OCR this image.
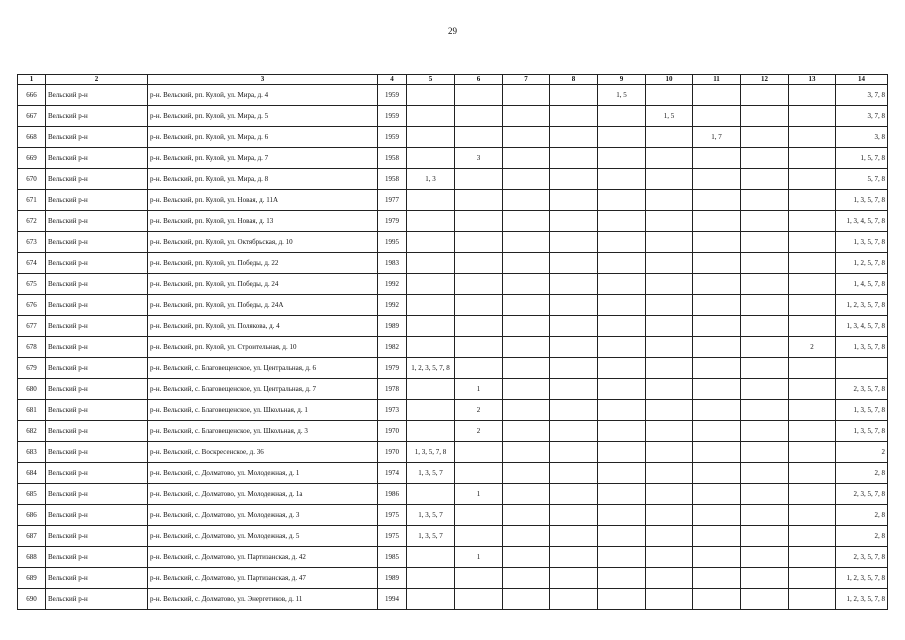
29
1	2	3	4	5	6	7	8	9	10	11	12	13	14
666	Вельский р-н	р-н. Вельский, рп. Кулой, ул. Мира, д. 4	1959					1, 5					3, 7, 8
667	Вельский р-н	р-н. Вельский, рп. Кулой, ул. Мира, д. 5	1959						1, 5				3, 7, 8
668	Вельский р-н	р-н. Вельский, рп. Кулой, ул. Мира, д. 6	1959							1, 7			3, 8
669	Вельский р-н	р-н. Вельский, рп. Кулой, ул. Мира, д. 7	1958		3								1, 5, 7, 8
670	Вельский р-н	р-н. Вельский, рп. Кулой, ул. Мира, д. 8	1958	1, 3									5, 7, 8
671	Вельский р-н	р-н. Вельский, рп. Кулой, ул. Новая, д. 11А	1977										1, 3, 5, 7, 8
672	Вельский р-н	р-н. Вельский, рп. Кулой, ул. Новая, д. 13	1979										1, 3, 4, 5, 7, 8
673	Вельский р-н	р-н. Вельский, рп. Кулой, ул. Октябрьская, д. 10	1995										1, 3, 5, 7, 8
674	Вельский р-н	р-н. Вельский, рп. Кулой, ул. Победы, д. 22	1983										1, 2, 5, 7, 8
675	Вельский р-н	р-н. Вельский, рп. Кулой, ул. Победы, д. 24	1992										1, 4, 5, 7, 8
676	Вельский р-н	р-н. Вельский, рп. Кулой, ул. Победы, д. 24А	1992										1, 2, 3, 5, 7, 8
677	Вельский р-н	р-н. Вельский, рп. Кулой, ул. Полякова, д. 4	1989										1, 3, 4, 5, 7, 8
678	Вельский р-н	р-н. Вельский, рп. Кулой, ул. Строительная, д. 10	1982									2	1, 3, 5, 7, 8
679	Вельский р-н	р-н. Вельский, с. Благовещенское, ул. Центральная, д. 6	1979	1, 2, 3, 5, 7, 8									
680	Вельский р-н	р-н. Вельский, с. Благовещенское, ул. Центральная, д. 7	1978		1								2, 3, 5, 7, 8
681	Вельский р-н	р-н. Вельский, с. Благовещенское, ул. Школьная, д. 1	1973		2								1, 3, 5, 7, 8
682	Вельский р-н	р-н. Вельский, с. Благовещенское, ул. Школьная, д. 3	1970		2								1, 3, 5, 7, 8
683	Вельский р-н	р-н. Вельский, с. Воскресенское, д. 36	1970	1, 3, 5, 7, 8									2
684	Вельский р-н	р-н. Вельский, с. Долматово, ул. Молодежная, д. 1	1974	1, 3, 5, 7									2, 8
685	Вельский р-н	р-н. Вельский, с. Долматово, ул. Молодежная, д. 1а	1986		1								2, 3, 5, 7, 8
686	Вельский р-н	р-н. Вельский, с. Долматово, ул. Молодежная, д. 3	1975	1, 3, 5, 7									2, 8
687	Вельский р-н	р-н. Вельский, с. Долматово, ул. Молодежная, д. 5	1975	1, 3, 5, 7									2, 8
688	Вельский р-н	р-н. Вельский, с. Долматово, ул. Партизанская, д. 42	1985		1								2, 3, 5, 7, 8
689	Вельский р-н	р-н. Вельский, с. Долматово, ул. Партизанская, д. 47	1989										1, 2, 3, 5, 7, 8
690	Вельский р-н	р-н. Вельский, с. Долматово, ул. Энергетиков, д. 11	1994										1, 2, 3, 5, 7, 8
